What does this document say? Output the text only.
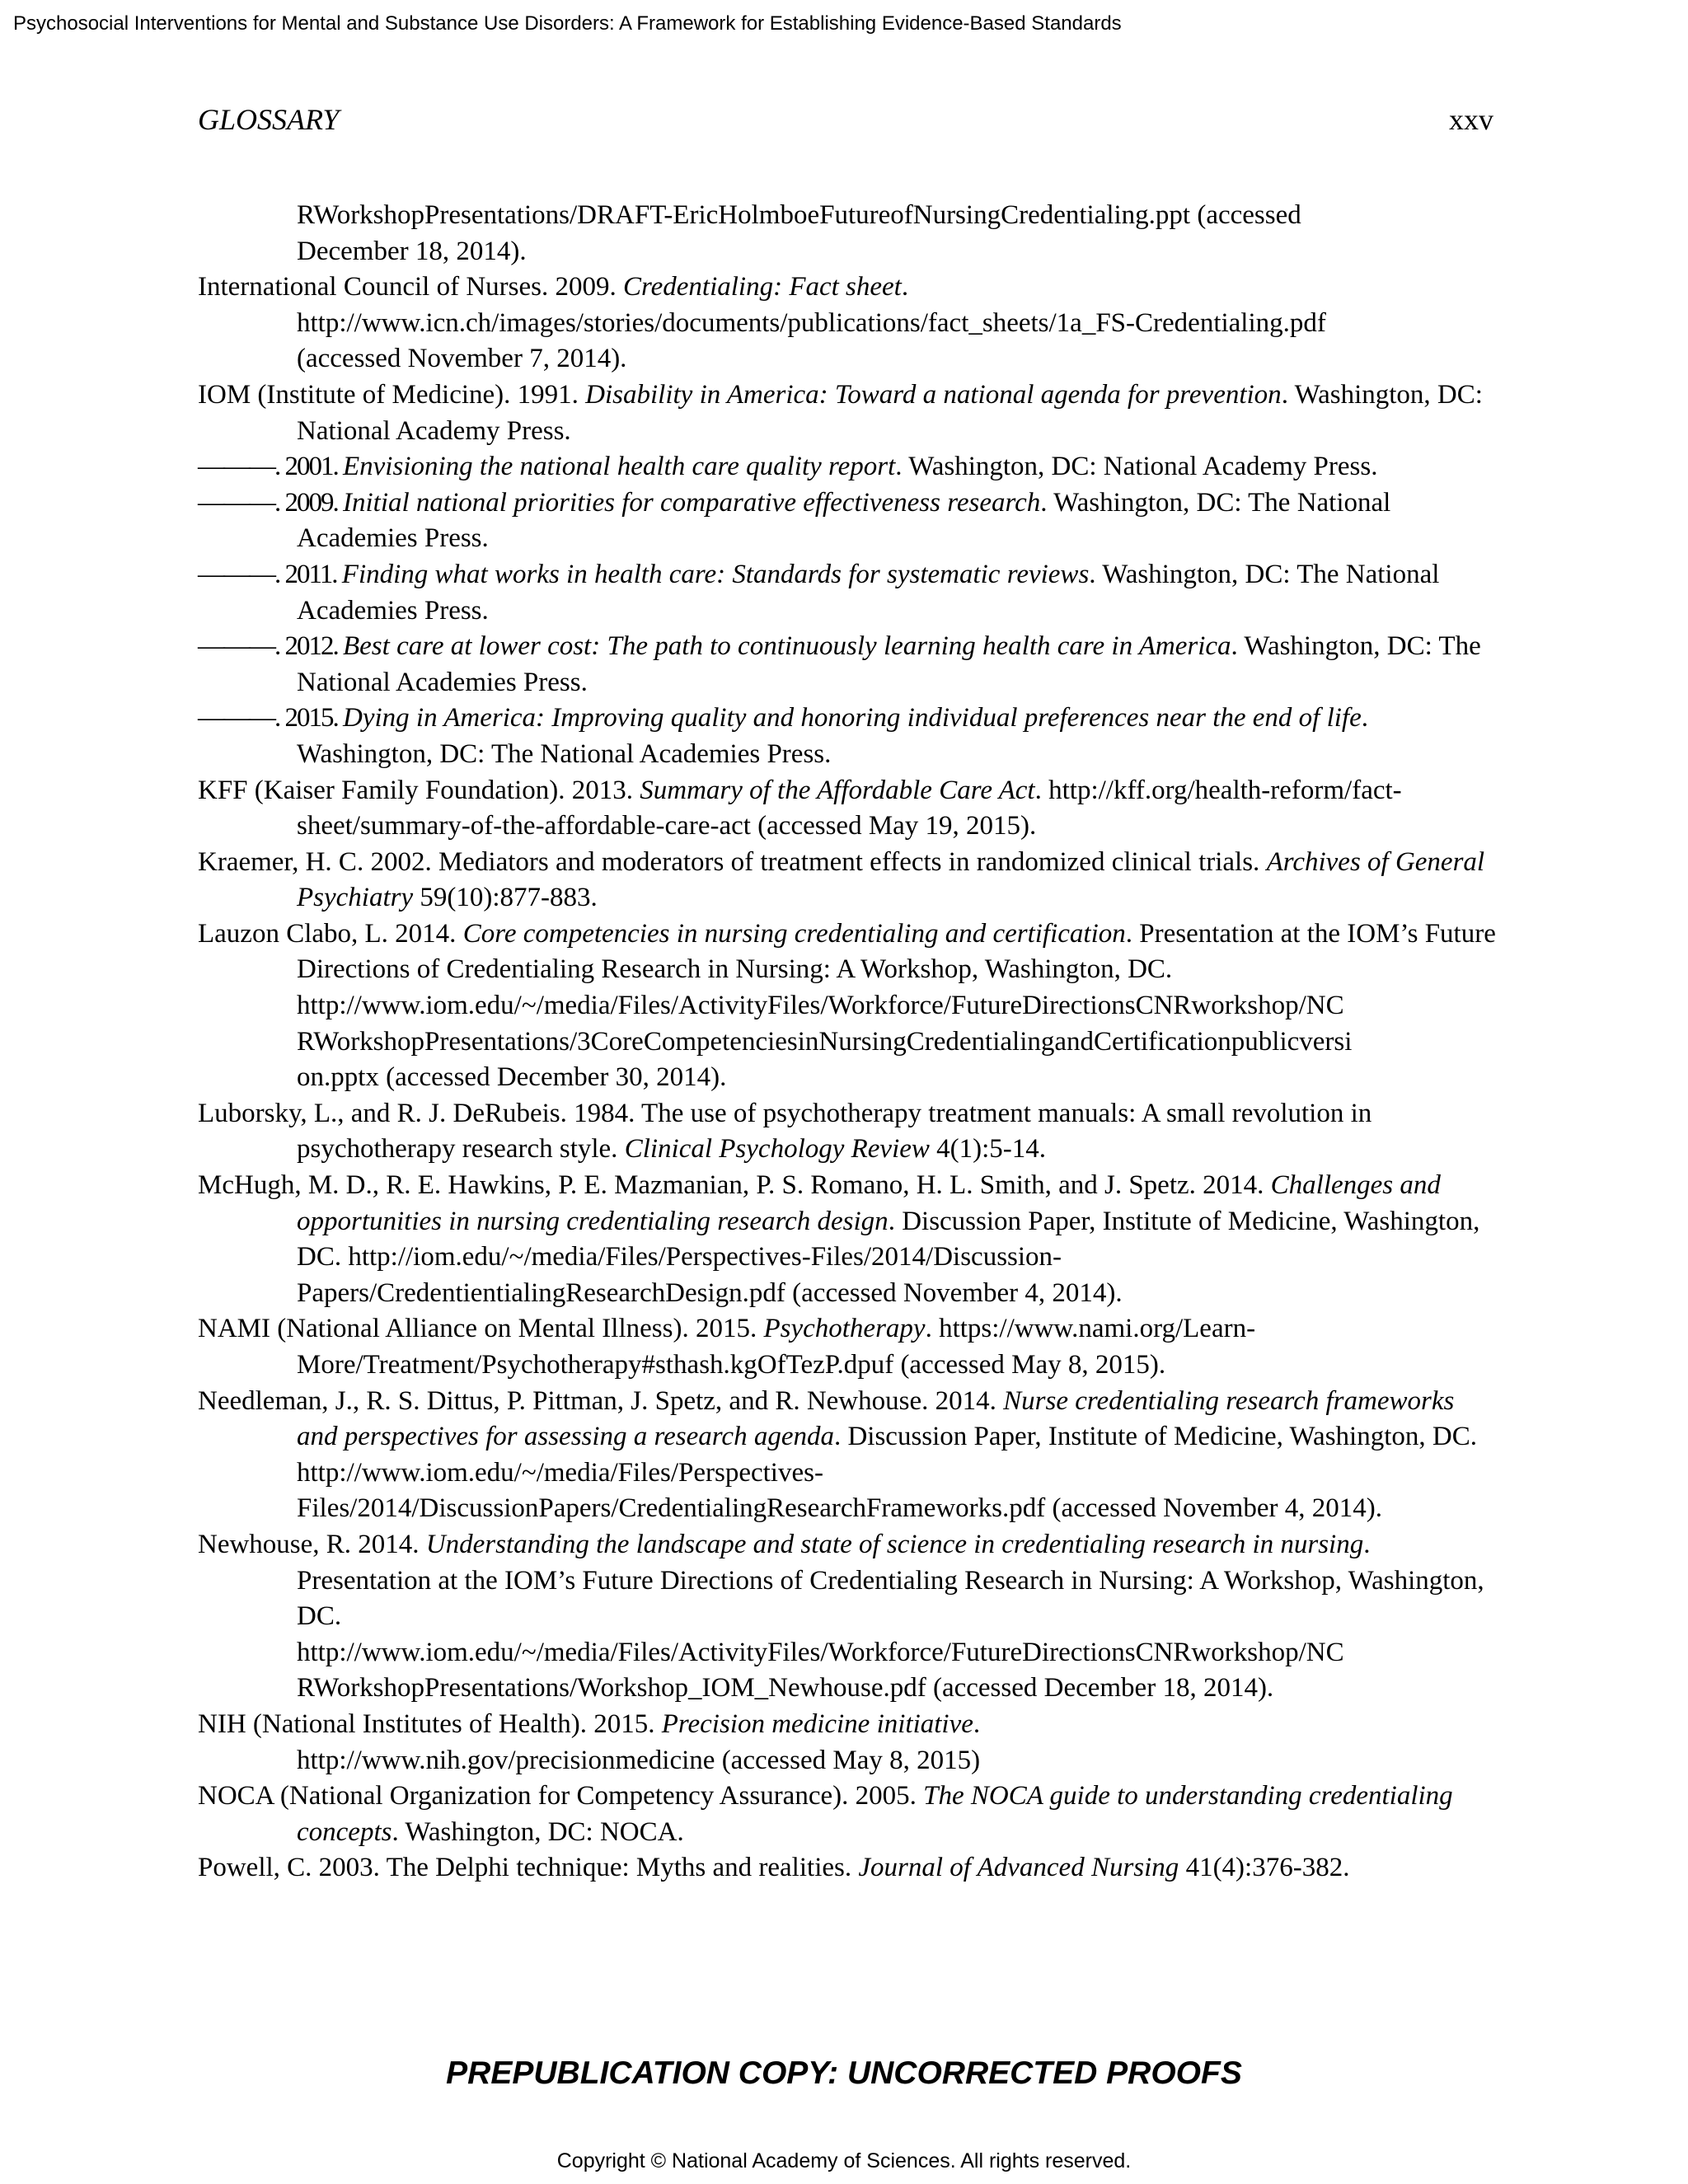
Psychosocial Interventions for Mental and Substance Use Disorders: A Framework for Establishing Evidence-Based Standards
GLOSSARY	xxv
RWorkshopPresentations/DRAFT-EricHolmboeFutureofNursingCredentialing.ppt (accessed
December 18, 2014).

International Council of Nurses. 2009. Credentialing: Fact sheet.
http://www.icn.ch/images/stories/documents/publications/fact_sheets/1a_FS-Credentialing.pdf
(accessed November 7, 2014).

IOM (Institute of Medicine). 1991. Disability in America: Toward a national agenda for prevention. Washington, DC: National Academy Press.

———. 2001. Envisioning the national health care quality report. Washington, DC: National Academy Press.

———. 2009. Initial national priorities for comparative effectiveness research. Washington, DC: The National Academies Press.

———. 2011. Finding what works in health care: Standards for systematic reviews. Washington, DC: The National Academies Press.

———. 2012. Best care at lower cost: The path to continuously learning health care in America. Washington, DC: The National Academies Press.

———. 2015. Dying in America: Improving quality and honoring individual preferences near the end of life. Washington, DC: The National Academies Press.

KFF (Kaiser Family Foundation). 2013. Summary of the Affordable Care Act. http://kff.org/health-reform/fact-sheet/summary-of-the-affordable-care-act (accessed May 19, 2015).

Kraemer, H. C. 2002. Mediators and moderators of treatment effects in randomized clinical trials. Archives of General Psychiatry 59(10):877-883.

Lauzon Clabo, L. 2014. Core competencies in nursing credentialing and certification. Presentation at the IOM’s Future Directions of Credentialing Research in Nursing: A Workshop, Washington, DC.
http://www.iom.edu/~/media/Files/ActivityFiles/Workforce/FutureDirectionsCNRworkshop/NC
RWorkshopPresentations/3CoreCompetenciesinNursingCredentialingandCertificationpublicversi
on.pptx (accessed December 30, 2014).

Luborsky, L., and R. J. DeRubeis. 1984. The use of psychotherapy treatment manuals: A small revolution in psychotherapy research style. Clinical Psychology Review 4(1):5-14.

McHugh, M. D., R. E. Hawkins, P. E. Mazmanian, P. S. Romano, H. L. Smith, and J. Spetz. 2014. Challenges and opportunities in nursing credentialing research design. Discussion Paper, Institute of Medicine, Washington, DC. http://iom.edu/~/media/Files/Perspectives-Files/2014/Discussion-Papers/CredentientialingResearchDesign.pdf (accessed November 4, 2014).

NAMI (National Alliance on Mental Illness). 2015. Psychotherapy. https://www.nami.org/Learn-More/Treatment/Psychotherapy#sthash.kgOfTezP.dpuf (accessed May 8, 2015).

Needleman, J., R. S. Dittus, P. Pittman, J. Spetz, and R. Newhouse. 2014. Nurse credentialing research frameworks and perspectives for assessing a research agenda. Discussion Paper, Institute of Medicine, Washington, DC. http://www.iom.edu/~/media/Files/Perspectives-Files/2014/DiscussionPapers/CredentialingResearchFrameworks.pdf (accessed November 4, 2014).

Newhouse, R. 2014. Understanding the landscape and state of science in credentialing research in nursing. Presentation at the IOM’s Future Directions of Credentialing Research in Nursing: A Workshop, Washington, DC.
http://www.iom.edu/~/media/Files/ActivityFiles/Workforce/FutureDirectionsCNRworkshop/NC
RWorkshopPresentations/Workshop_IOM_Newhouse.pdf (accessed December 18, 2014).

NIH (National Institutes of Health). 2015. Precision medicine initiative.
http://www.nih.gov/precisionmedicine (accessed May 8, 2015)

NOCA (National Organization for Competency Assurance). 2005. The NOCA guide to understanding credentialing concepts. Washington, DC: NOCA.

Powell, C. 2003. The Delphi technique: Myths and realities. Journal of Advanced Nursing 41(4):376-382.

PREPUBLICATION COPY: UNCORRECTED PROOFS
Copyright © National Academy of Sciences. All rights reserved.
